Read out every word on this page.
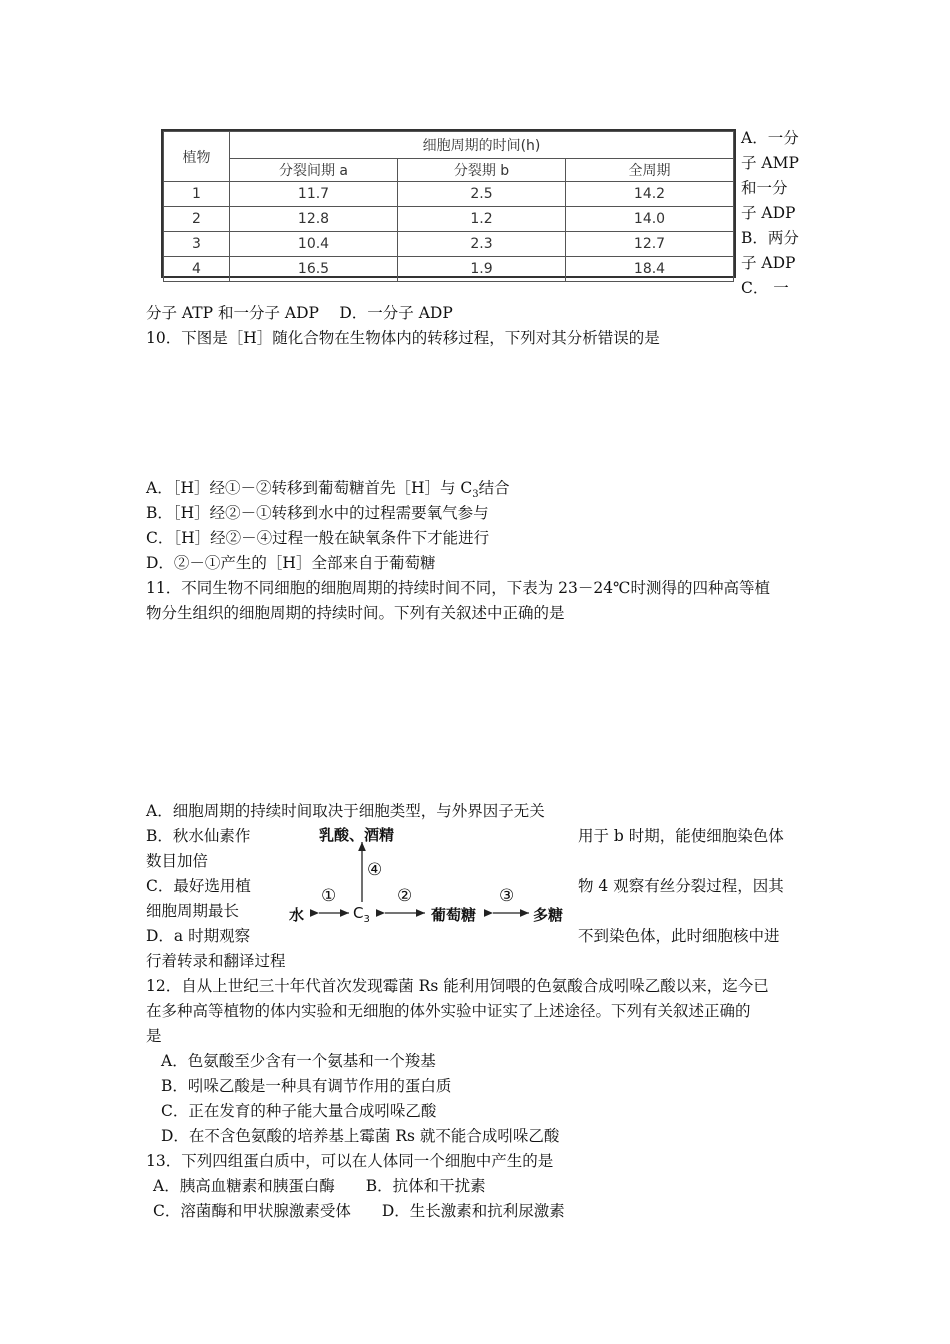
植物	细胞周期的时间(h)		
	分裂间期 a	分裂期 b	全周期
1	11.7	2.5	14.2
2	12.8	1.2	14.0
3	10.4	2.3	12.7
4	16.5	1.9	18.4
A．一分
子 AMP
和一分
子 ADP
B．两分
子 ADP
C． 一
分子 ATP 和一分子 ADP　 D．一分子 ADP
10．下图是［H］随化合物在生物体内的转移过程，下列对其分析错误的是
A．［H］经①－②转移到葡萄糖首先［H］与 $C_3$结合
B．［H］经②－①转移到水中的过程需要氧气参与
C．［H］经②－④过程一般在缺氧条件下才能进行
D．②－①产生的［H］全部来自于葡萄糖
11．不同生物不同细胞的细胞周期的持续时间不同，下表为 23－24℃时测得的四种高等植
物分生组织的细胞周期的持续时间。下列有关叙述中正确的是
A．细胞周期的持续时间取决于细胞类型，与外界因子无关
B．秋水仙素作	用于 b 时期，能使细胞染色体
数目加倍
C．最好选用植	物 4 观察有丝分裂过程，因其
细胞周期最长
D．a 时期观察	不到染色体，此时细胞核中进
行着转录和翻译过程
乳酸、酒精
④
①	②	③
水	$C_3$	葡萄糖	多糖
12．自从上世纪三十年代首次发现霉菌 Rs 能利用饲喂的色氨酸合成吲哚乙酸以来，迄今已
在多种高等植物的体内实验和无细胞的体外实验中证实了上述途径。下列有关叙述正确的
是
A．色氨酸至少含有一个氨基和一个羧基
B．吲哚乙酸是一种具有调节作用的蛋白质
C．正在发育的种子能大量合成吲哚乙酸
D．在不含色氨酸的培养基上霉菌 Rs 就不能合成吲哚乙酸
13．下列四组蛋白质中，可以在人体同一个细胞中产生的是
A．胰高血糖素和胰蛋白酶　　B．抗体和干扰素
C．溶菌酶和甲状腺激素受体　　D．生长激素和抗利尿激素
